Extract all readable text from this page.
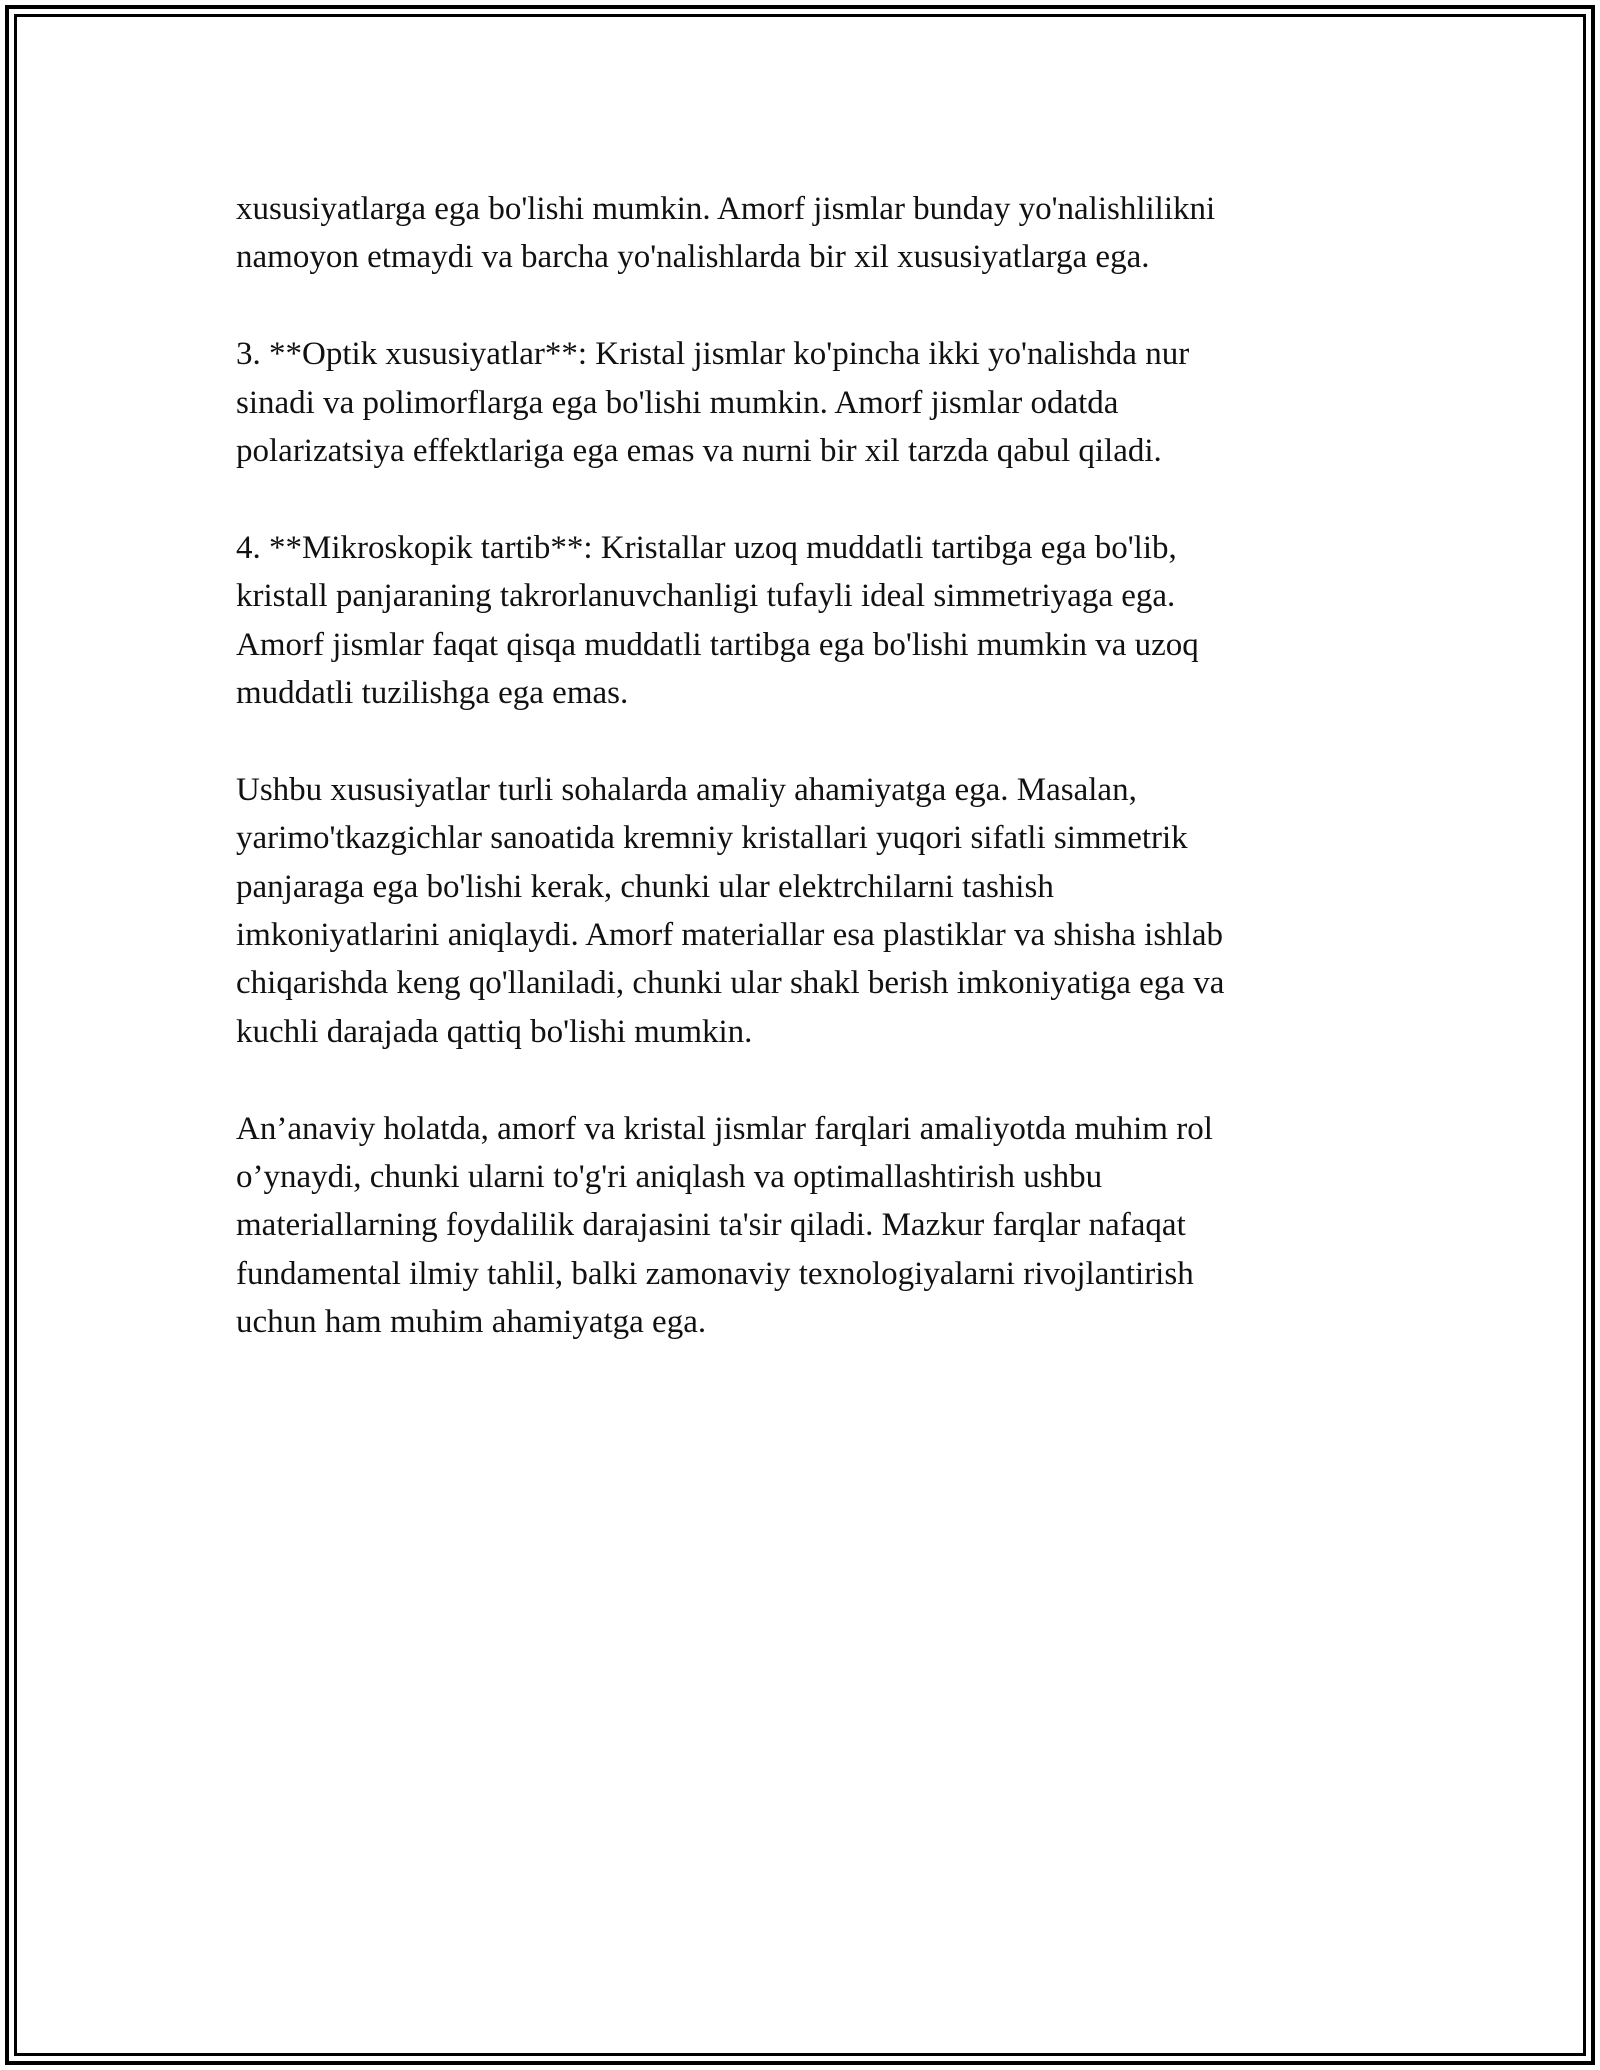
xususiyatlarga ega bo'lishi mumkin. Amorf jismlar bunday yo'nalishlilikni
namoyon etmaydi va barcha yo'nalishlarda bir xil xususiyatlarga ega.

3. **Optik xususiyatlar**: Kristal jismlar ko'pincha ikki yo'nalishda nur
sinadi va polimorflarga ega bo'lishi mumkin. Amorf jismlar odatda
polarizatsiya effektlariga ega emas va nurni bir xil tarzda qabul qiladi.

4. **Mikroskopik tartib**: Kristallar uzoq muddatli tartibga ega bo'lib,
kristall panjaraning takrorlanuvchanligi tufayli ideal simmetriyaga ega.
Amorf jismlar faqat qisqa muddatli tartibga ega bo'lishi mumkin va uzoq
muddatli tuzilishga ega emas.

Ushbu xususiyatlar turli sohalarda amaliy ahamiyatga ega. Masalan,
yarimo'tkazgichlar sanoatida kremniy kristallari yuqori sifatli simmetrik
panjaraga ega bo'lishi kerak, chunki ular elektrchilarni tashish
imkoniyatlarini aniqlaydi. Amorf materiallar esa plastiklar va shisha ishlab
chiqarishda keng qo'llaniladi, chunki ular shakl berish imkoniyatiga ega va
kuchli darajada qattiq bo'lishi mumkin.

An’anaviy holatda, amorf va kristal jismlar farqlari amaliyotda muhim rol
o’ynaydi, chunki ularni to'g'ri aniqlash va optimallashtirish ushbu
materiallarning foydalilik darajasini ta'sir qiladi. Mazkur farqlar nafaqat
fundamental ilmiy tahlil, balki zamonaviy texnologiyalarni rivojlantirish
uchun ham muhim ahamiyatga ega.
